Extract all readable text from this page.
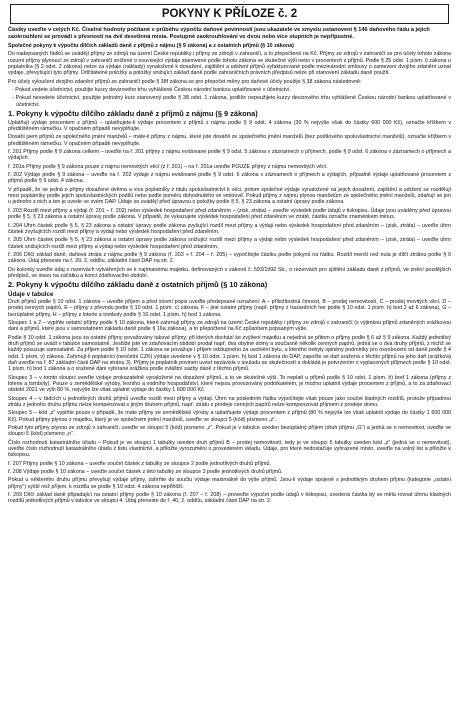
POKYNY K PŘÍLOZE č. 2
Částky uveďte v celých Kč. Číselné hodnoty počítané v průběhu výpočtu daňové povinnosti jsou ukazatelé ve smyslu ustanovení § 146 daňového řádu a jejich zaokrouhlení se provádí s přesností na dvě desetinná místa. Postupné zaokrouhlování ve dvou nebo více stupních je nepřípustné.

Společné pokyny k výpočtu dílčích základů daně z příjmů z nájmu (§ 9 zákona) a z ostatních příjmů (§ 10 zákona)

Do nadepsaných řádků se uvádějí příjmy ze zdrojů na území České republiky i příjmy ze zdrojů v zahraničí, a to přepočtené na Kč. Příjmy ze zdrojů v zahraničí se pro účely tohoto zákona rozumí příjmy plynoucí ze zdrojů v zahraničí snížené o související výdaje stanovené podle tohoto zákona ve skutečné výši nebo v procentech z příjmů. Podle § 25 odst. 1 písm. i) zákona u poplatníka (§ 2 odst. 2 zákona) nelze za výdaje (náklady) vynaložené k dosažení, zajištění a udržení příjmů vyfakturované podle mezinárodní smlouvy o zamezení dvojího zdanění uznat výdaje, převyšující tyto příjmy. Odčitatelné položky a položky snižující základ daně podle zahraničních právních předpisů nelze při stanovení základu daně použít.

Pro účely vyloučení dvojího zdanění příjmů ze zahraničí podle § 38f zákona se pro přepočet měny pro daňové účely použije § 38 zákona následovně:

- Pokud vedete účetnictví, použijte kurzy devizového trhu vyhlášené Českou národní bankou uplatňované v účetnictví.

- Pokud nevedete účetnictví, použijte jednotný kurz stanovený podle § 38 odst. 1 zákona, jestliže nepoužijete kurzy devizového trhu vyhlášené Českou národní bankou uplatňované v účetnictví.

1. Pokyny k výpočtu dílčího základu daně z příjmů z nájmu (§ 9 zákona)

Uplatňují výdaje procentem z příjmů – uplatňujete-li výdaje procentem z příjmů z nájmu podle § 9 odst. 4 zákona (30 % nejvýše však do částky 600 000 Kč), označte křížkem v předtištěném rámečku. V opačném případě nevyplňujte.

Dosáhl jsem příjmů ze společného jmění manželů – máte-li příjmy z nájmu, které jste dosáhli ze společného jmění manželů (bez podílového spoluvlastnictví manželů), označte křížkem v předtištěném rámečku. V opačném případě nevyplňujte.

ř. 201 Příjmy podle § 9 zákona celkem – uveďte na ř. 201 příjmy z nájmu evidované podle § 9 odst. 5 zákona v záznamech o příjmech, podle § 9 odst. 6 zákona v záznamech o příjmech a výdajích.

ř. 201a Příjmy podle § 9 zákona pouze z nájmu nemovitých věcí (z ř. 201) – na ř. 201a uveďte POUZE příjmy z nájmu nemovitých věcí.

ř. 202 Výdaje podle § 9 zákona – uveďte na ř. 202 výdaje z nájmu evidované podle § 9 odst. 6 zákona v záznamech o příjmech a výdajích, případně výdaje uplatňované procentem z příjmů podle § 9 odst. 4 zákona.

V případě, že se jedná o příjmy dosažené dvěma a více poplatníky z titulu spoluvlastnictví k věci, potom společné výdaje vynaložené na jejich dosažení, zajištění a udržení se rozdělují mezi poplatníky podle jejich spoluvlastnických podílů nebo podle poměru dohodnutého ve smlouvě. Pokud příjmy z nájmu plynou manželům ze společného jmění manželů, zdaňují se jen u jednoho z nich a ten je uvede ve svém DAP. Údaje se uvádějí před úpravou o položky podle § 5, § 23 zákona a ostatní úpravy podle zákona.

ř. 203 Rozdíl mezi příjmy a výdaji (ř. 201 – ř. 202) nebo výsledek hospodaření před zdaněním – (zisk, ztráta) – uveďte výsledek podle údajů v tiskopisu. Údaje jsou uváděny před úpravou podle § 5, § 23 zákona a ostatní úpravy podle zákona. V případě, že vykazujete výsledek hospodaření před zdaněním ve ztrátě, částku označte znaménkem minus.

ř. 204 Úhrn částek podle § 5, § 23 zákona a ostatní úpravy podle zákona zvyšující rozdíl mezi příjmy a výdaji nebo výsledek hospodaření před zdaněním – (zisk, ztráta) – uveďte úhrn částek zvyšujících rozdíl mezi příjmy a výdaji nebo výsledek hospodaření před zdaněním.

ř. 205 Úhrn částek podle § 5, § 23 zákona a ostatní úpravy podle zákona snižující rozdíl mezi příjmy a výdaji nebo výsledek hospodaření před zdaněním – (zisk, ztráta) – uveďte úhrn částek snižujících rozdíl mezi příjmy a výdaji nebo výsledek hospodaření před zdaněním.

ř. 206 Dílčí základ daně, daňová ztráta z nájmu podle § 9 zákona (ř. 203 + ř. 204 – ř. 205) – vypočítejte částku podle pokynů na řádku. Rozdíl menší než nula je dílčí ztrátou podle § 9 zákona. Údaj přeneste na ř. 39, 2. oddílu, základní části DAP na str. 2.

Do kolonky uveďte údaj o rezervách vytvářených se k najímanému majetku, definovaných v zákoně č. 593/1992 Sb., o rezervách pro zjištění základu daně z příjmů, ve znění pozdějších předpisů, ve stavu na začátku a konci zdaňovacího období.

2. Pokyny k výpočtu dílčího základu daně z ostatních příjmů (§ 10 zákona)
Údaje v tabulce

Druh příjmů podle § 10 odst. 1 zákona – uveďte příjem a před slovní popis uveďte předepsané označení: A – příležitostná činnost, B – prodej nemovitostí, C – prodej movitých věcí, D – prodej cenných papírů, E – příjmy z převodu podle § 10 odst. 1 písm. c) zákona, F – jiné ostatní příjmy (např. příjmy z hazardních her podle § 10 odst. 1 písm. h) bod 2 až 6 zákona), G – bezúplatné příjmy, H – příjmy z loterie a tomboly podle § 10 odst. 1 písm. h) bod 1 zákona.

Sloupec 1 a 2 – vyplňte ostatní příjmy podle § 10 zákona, které zahrnují příjmy ze zdrojů na území České republiky i příjmy ze zdrojů v zahraničí (s výjimkou příjmů zdaněných srážkovou daní a příjmů, které jsou v samostatném základu daně podle § 16a zákona), a to přepočtené na Kč způsobem popsaným výše.

Podle § 10 odst. 1 zákona jsou za ostatní příjmy považovány takové příjmy, při kterých dochází ke zvýšení majetku a nejedná se přitom o příjmy podle § 6 až § 9 zákona. Každý jednotlivý druh příjmů se uvádí v tabulce samostatně. Jestliže jste ve zdaňovacím období prodal např. dva obytné domy a současně několik cenných papírů, jedná se o dva druhy příjmů, z nichž se každý posuzuje samostatně. Za příjem podle § 10 odst. 1 zákona se považuje i příjem odstupného za uvolnění bytu, u kterého nebyly splněny podmínky pro osvobození od daně podle § 4 odst. 1 písm. v) zákona. Zahrnují-li poplatníci (nesčetní CZK) výdaje uvedené v § 10 odst. 1 písm. h) bod 1 zákona do DAP, započte se daň sražená z těchto příjmů na jeho daň (srážková daň uveďte na ř. 87 základní části DAP na stránu 3). Příjmy je poplatník povinen uvést nezávisle v souladu se skutečností a dokládá je potvrzením o vyplacených příjmech podle § 10 odst. 1 písm. h) bod 1 zákona a o sražené dani vybírané srážkou podle zvláštní sazby daně z těchto příjmů.

Sloupec 3 – v tomto sloupci uveďte výdaje prokazatelně vynaložené na dosažení příjmů, a to ve skutečné výši. To neplatí u příjmů podle § 10 odst. 1 písm. h) bod 1 zákona (příjmy z loterie a tomboly). Pouze u zemědělské výroby, lesního a vodního hospodářství, které nejsou provozovány podnikatelem, je možno uplatnit výdaje procentem z příjmů, a to za zdaňovací období 2021 ve výši 80 %, nejvýše lze však uplatnit výdaje do částky 1 600 000 Kč.

Sloupec 4 – v řádcích u jednotlivých druhů příjmů uveďte rozdíl mezi příjmy a výdaji. Úhrn na posledním řádku vypočítejte však pouze jako součet kladných rozdílů, protože případnou ztrátu z jednoho druhu příjmu nelze kompenzovat s jiným druhem příjmů, např. ztrátu z prodeje cenných papírů nelze kompenzovat příjmem z prodeje domu.

Sloupec 5 – kód „z“ vyplňte pouze v případě, že máte příjmy ze zemědělské výroby a uplatňujete výdaje procentem z příjmů (80 % nejvýše lze však uplatnit výdaje do částky 1 600 000 Kč). Pokud příjmy plynou z majetku, který je ve společném jmění manželů, uveďte ve sloupci 5 (kód) písmeno „z“.

Pokud tyto příjmy plynou ze zdrojů v zahraničí, uveďte ve sloupci 5 (kód) písmeno „z“. Pokud je v tabulce uveden bezúplatný příjem (druh příjmu „G“) a jedná se o nemovitost, uveďte ve sloupci 5 (kód) písmeno „n“.

Číslo rozhodnutí katastrálního úřadu – Pokud je ve sloupci 1 tabulky uveden druh příjmů B – prodej nemovitostí, tedy je ve sloupci 5 tabulky uveden kód „z“ (jedná se o nemovitost), uveďte číslo rozhodnutí katastrálního úřadu z listu vlastnictví, a přiložte vyrozumění o provedeném vkladu. Údaje, pro které nedostačuje vyhrazené místo, uveďte na volný list a přiložte k tiskopisu.

ř. 207 Příjmy podle § 10 zákona – uveďte součet částek z tabulky ze sloupce 2 podle jednotlivých druhů příjmů.

ř. 208 Výdaje podle § 10 zákona – uveďte součet částek z této tabulky ze sloupce 3 podle jednotlivých druhů příjmů.

Pokud u některého druhu příjmu převyšují výdaje příjmy, zahrňte do součtu výdaje maximálně do výše příjmů. Jsou-li výdaje spojené s jednotlivým druhem příjmu (kategorie „ostatní příjmy“) vyšší než příjem, k rozdílu se podle § 10 odst. 4 zákona nepřihlíží.

ř. 209 Dílčí základ daně připadající na ostatní příjmy podle § 10 zákona (ř. 207 – ř. 208) – proveďte výpočet podle údajů v tiskopisu, uvedená částka by se měla rovnat úhrnu kladných rozdílů jednotlivých příjmů v tabulce ve sloupci 4. Údaj přeneste do ř. 40, 2. oddílu, základní části DAP na str. 2.
